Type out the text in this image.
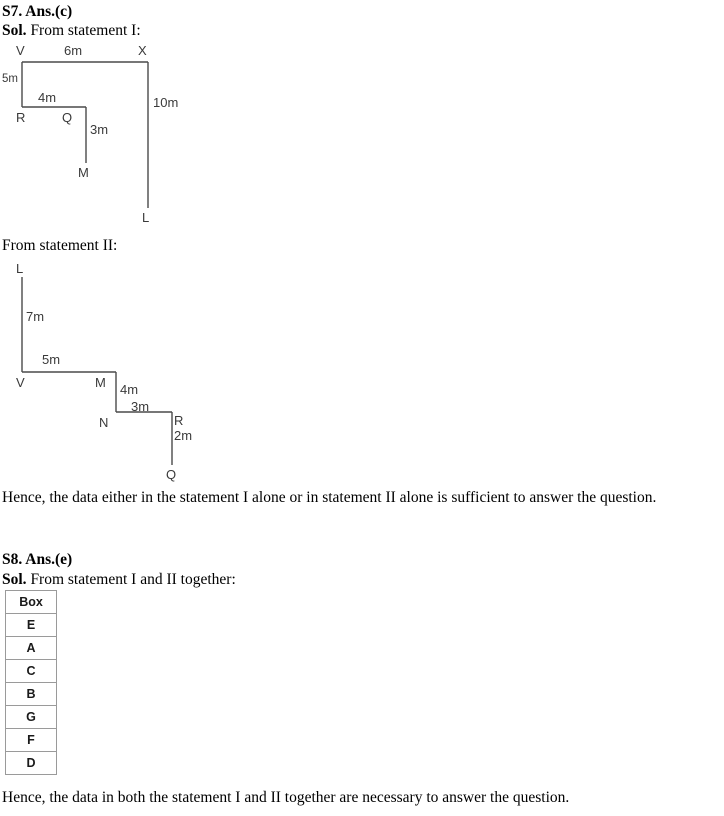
S7. Ans.(c)
Sol. From statement I:
V	X
R	Q
M
L
6m
5m
4m
3m
10m
From statement II:
L
V	M
N	R
Q
7m
5m
4m
3m
2m
Hence, the data either in the statement I alone or in statement II alone is sufficient to answer the question.
S8. Ans.(e)
Sol. From statement I and II together:
Box
E
A
C
B
G
F
D
Hence, the data in both the statement I and II together are necessary to answer the question.
